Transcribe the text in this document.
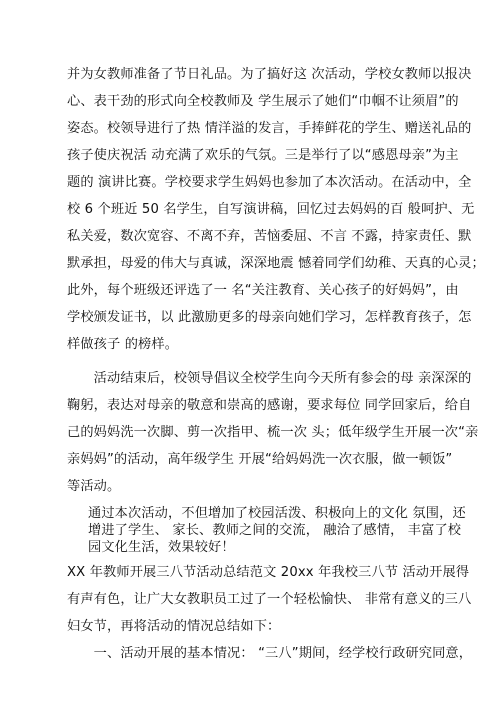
并为女教师准备了节日礼品。为了搞好这 次活动，学校女教师以报决
心、表干劲的形式向全校教师及 学生展示了她们“巾帼不让须眉”的
姿态。校领导进行了热 情洋溢的发言，手捧鲜花的学生、赠送礼品的
孩子使庆祝活 动充满了欢乐的气氛。三是举行了以“感恩母亲”为主
题的 演讲比赛。学校要求学生妈妈也参加了本次活动。在活动中，全
校 6 个班近 50 名学生，自写演讲稿，回忆过去妈妈的百 般呵护、无
私关爱，数次宽容、不离不弃，苦恼委屈、不言 不露，持家责任、默
默承担，母爱的伟大与真诚，深深地震 憾着同学们幼稚、天真的心灵；
此外，每个班级还评选了一 名“关注教育、关心孩子的好妈妈”，由
学校颁发证书，以 此激励更多的母亲向她们学习，怎样教育孩子，怎
样做孩子 的榜样。
　　活动结束后，校领导倡议全校学生向今天所有参会的母 亲深深的
鞠躬，表达对母亲的敬意和崇高的感谢，要求每位 同学回家后，给自
己的妈妈洗一次脚、剪一次指甲、梳一次 头；低年级学生开展一次“亲
亲妈妈”的活动，高年级学生 开展“给妈妈洗一次衣服，做一顿饭”
等活动。
通过本次活动，不但增加了校园活泼、积极向上的文化 氛围，还
增进了学生、 家长、教师之间的交流， 融洽了感情， 丰富了校
园文化生活，效果较好！
XX 年教师开展三八节活动总结范文 20xx 年我校三八节 活动开展得
有声有色，让广大女教职员工过了一个轻松愉快、 非常有意义的三八
妇女节，再将活动的情况总结如下：
　　一、活动开展的基本情况： “三八”期间，经学校行政研究同意，
